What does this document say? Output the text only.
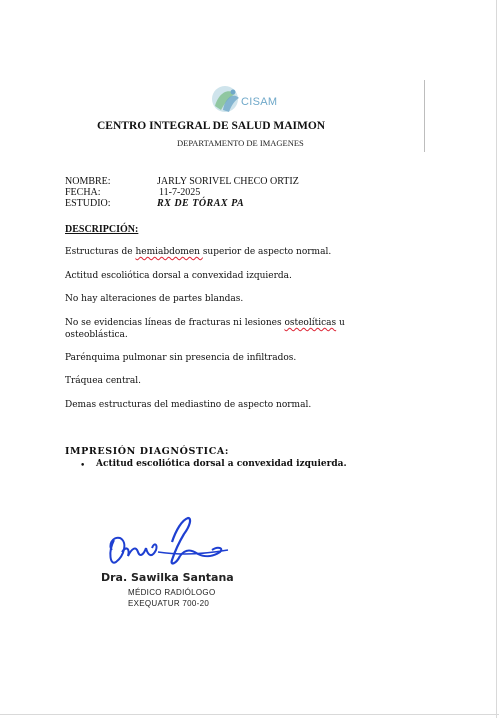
CISAM
CENTRO INTEGRAL DE SALUD MAIMON
DEPARTAMENTO DE IMAGENES
NOMBRE:	JARLY SORIVEL CHECO ORTIZ
FECHA:	11-7-2025
ESTUDIO:	RX DE TÓRAX PA
DESCRIPCIÓN:
Estructuras de hemiabdomen superior de aspecto normal.
Actitud escoliótica dorsal a convexidad izquierda.
No hay alteraciones de partes blandas.
No se evidencias líneas de fracturas ni lesiones osteolíticas u
osteoblástica.
Parénquima pulmonar sin presencia de infiltrados.
Tráquea central.
Demas estructuras del mediastino de aspecto normal.
IMPRESIÓN DIAGNÓSTICA:
• Actitud escoliótica dorsal a convexidad izquierda.
Dra. Sawilka Santana
MÉDICO RADIÓLOGO
EXEQUATUR 700-20
